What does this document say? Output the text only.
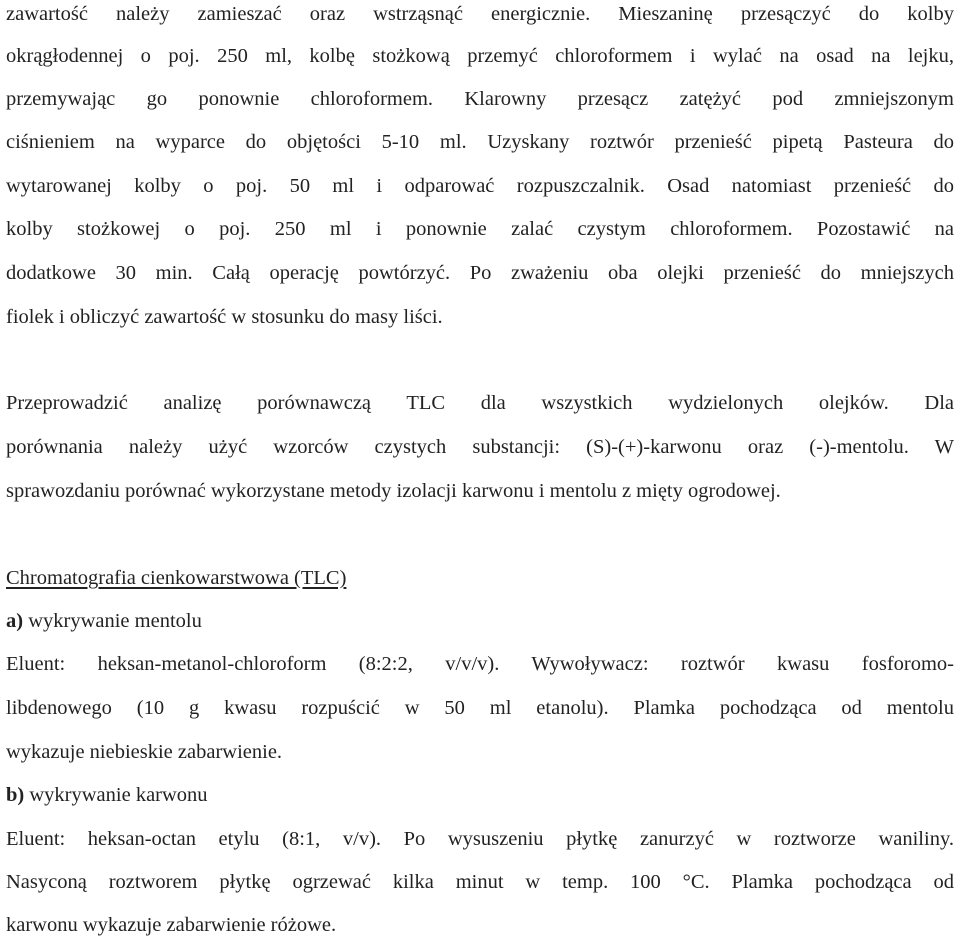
zawartość należy zamieszać oraz wstrząsnąć energicznie. Mieszaninę przesączyć do kolby
okrągłodennej o poj. 250 ml, kolbę stożkową przemyć chloroformem i wylać na osad na lejku,
przemywając go ponownie chloroformem. Klarowny przesącz zatężyć pod zmniejszonym
ciśnieniem na wyparce do objętości 5-10 ml. Uzyskany roztwór przenieść pipetą Pasteura do
wytarowanej kolby o poj. 50 ml i odparować rozpuszczalnik. Osad natomiast przenieść do
kolby stożkowej o poj. 250 ml i ponownie zalać czystym chloroformem. Pozostawić na
dodatkowe 30 min. Całą operację powtórzyć. Po zważeniu oba olejki przenieść do mniejszych
fiolek i obliczyć zawartość w stosunku do masy liści.
Przeprowadzić analizę porównawczą TLC dla wszystkich wydzielonych olejków. Dla
porównania należy użyć wzorców czystych substancji: (S)-(+)-karwonu oraz (-)-mentolu. W
sprawozdaniu porównać wykorzystane metody izolacji karwonu i mentolu z mięty ogrodowej.
Chromatografia cienkowarstwowa (TLC)
a) wykrywanie mentolu
Eluent: heksan-metanol-chloroform (8:2:2, v/v/v). Wywoływacz: roztwór kwasu fosforomo-
libdenowego (10 g kwasu rozpuścić w 50 ml etanolu). Plamka pochodząca od mentolu
wykazuje niebieskie zabarwienie.
b) wykrywanie karwonu
Eluent: heksan-octan etylu (8:1, v/v). Po wysuszeniu płytkę zanurzyć w roztworze waniliny.
Nasyconą roztworem płytkę ogrzewać kilka minut w temp. 100 °C. Plamka pochodząca od
karwonu wykazuje zabarwienie różowe.
